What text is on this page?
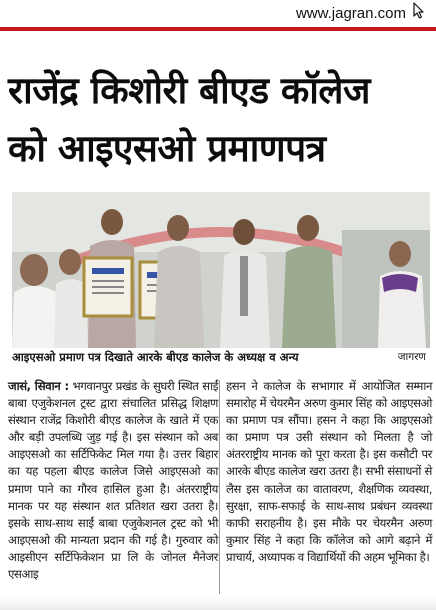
www.jagran.com
राजेंद्र किशोरी बीएड कॉलेज
को आइएसओ प्रमाणपत्र
आइएसओ प्रमाण पत्र दिखाते आरके बीएड कालेज के अध्यक्ष व अन्य	जागरण
जासं, सिवान : भगवानपुर प्रखंड के सुघरी स्थित साईं बाबा एजुकेशनल ट्रस्ट द्वारा संचालित प्रसिद्ध शिक्षण संस्थान राजेंद्र किशोरी बीएड कालेज के खाते में एक और बड़ी उपलब्धि जुड़ गई है। इस संस्थान को अब आइएसओ का सर्टिफिकेट मिल गया है। उत्तर बिहार का यह पहला बीएड कालेज जिसे आइएसओ का प्रमाण पाने का गौरव हासिल हुआ है। अंतरराष्ट्रीय मानक पर यह संस्थान शत प्रतिशत खरा उतरा है। इसके साथ-साथ साईं बाबा एजुकेशनल ट्रस्ट को भी आइएसओ की मान्यता प्रदान की गई है। गुरुवार को आइसीएन सर्टिफिकेशन प्रा लि के जोनल मैनेजर एसआइ
हसन ने कालेज के सभागार में आयोजित सम्मान समारोह में चेयरमैन अरुण कुमार सिंह को आइएसओ का प्रमाण पत्र सौंपा। हसन ने कहा कि आइएसओ का प्रमाण पत्र उसी संस्थान को मिलता है जो अंतरराष्ट्रीय मानक को पूरा करता है। इस कसौटी पर आरके बीएड कालेज खरा उतरा है। सभी संसाधनों से लैस इस कालेज का वातावरण, शैक्षणिक व्यवस्था, सुरक्षा, साफ-सफाई के साथ-साथ प्रबंधन व्यवस्था काफी सराहनीय है। इस मौके पर चेयरमैन अरुण कुमार सिंह ने कहा कि कॉलेज को आगे बढ़ाने में प्राचार्य, अध्यापक व विद्यार्थियों की अहम भूमिका है।
